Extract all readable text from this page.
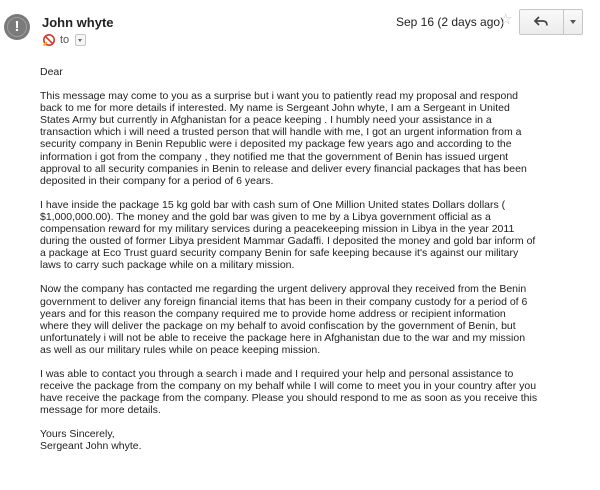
!	John whyte
to
Sep 16 (2 days ago)
☆

Dear

This message may come to you as a surprise but i want you to patiently read my proposal and respond
back to me for more details if interested. My name is Sergeant John whyte, I am a Sergeant in United
States Army but currently in Afghanistan for a peace keeping . I humbly need your assistance in a
transaction which i will need a trusted person that will handle with me, I got an urgent information from a
security company in Benin Republic were i deposited my package few years ago and according to the
information i got from the company , they notified me that the government of Benin has issued urgent
approval to all security companies in Benin to release and deliver every financial packages that has been
deposited in their company for a period of 6 years.

I have inside the package 15 kg gold bar with cash sum of One Million United states Dollars dollars (
$1,000,000.00). The money and the gold bar was given to me by a Libya government official as a
compensation reward for my military services during a peacekeeping mission in Libya in the year 2011
during the ousted of former Libya president Mammar Gadaffi. I deposited the money and gold bar inform of
a package at Eco Trust guard security company Benin for safe keeping because it's against our military
laws to carry such package while on a military mission.

Now the company has contacted me regarding the urgent delivery approval they received from the Benin
government to deliver any foreign financial items that has been in their company custody for a period of 6
years and for this reason the company required me to provide home address or recipient information
where they will deliver the package on my behalf to avoid confiscation by the government of Benin, but
unfortunately i will not be able to receive the package here in Afghanistan due to the war and my mission
as well as our military rules while on peace keeping mission.

I was able to contact you through a search i made and I required your help and personal assistance to
receive the package from the company on my behalf while I will come to meet you in your country after you
have receive the package from the company. Please you should respond to me as soon as you receive this
message for more details.

Yours Sincerely,

Sergeant John whyte.
